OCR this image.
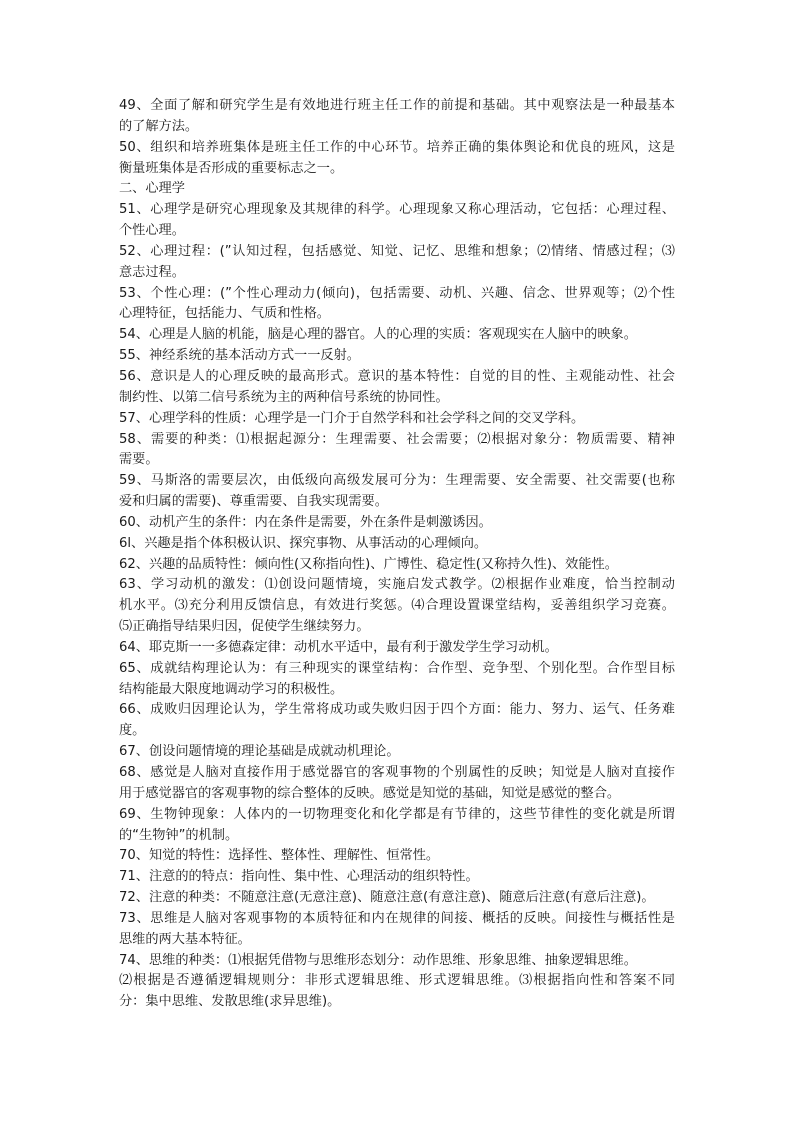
49、全面了解和研究学生是有效地进行班主任工作的前提和基础。其中观察法是一种最基本
的了解方法。
50、组织和培养班集体是班主任工作的中心环节。培养正确的集体舆论和优良的班风，这是
衡量班集体是否形成的重要标志之一。
二、心理学
51、心理学是研究心理现象及其规律的科学。心理现象又称心理活动，它包括：心理过程、
个性心理。
52、心理过程：(”认知过程，包括感觉、知觉、记忆、思维和想象；⑵情绪、情感过程；⑶
意志过程。
53、个性心理：(”个性心理动力(倾向)，包括需要、动机、兴趣、信念、世界观等；⑵个性
心理特征，包括能力、气质和性格。
54、心理是人脑的机能，脑是心理的器官。人的心理的实质：客观现实在人脑中的映象。
55、神经系统的基本活动方式一一反射。
56、意识是人的心理反映的最高形式。意识的基本特性：自觉的目的性、主观能动性、社会
制约性、以第二信号系统为主的两种信号系统的协同性。
57、心理学科的性质：心理学是一门介于自然学科和社会学科之间的交叉学科。
58、需要的种类：⑴根据起源分：生理需要、社会需要；⑵根据对象分：物质需要、精神
需要。
59、马斯洛的需要层次，由低级向高级发展可分为：生理需要、安全需要、社交需要(也称
爱和归属的需要)、尊重需要、自我实现需要。
60、动机产生的条件：内在条件是需要，外在条件是刺激诱因。
6l、兴趣是指个体积极认识、探究事物、从事活动的心理倾向。
62、兴趣的品质特性：倾向性(又称指向性)、广博性、稳定性(又称持久性)、效能性。
63、学习动机的激发：⑴创设问题情境，实施启发式教学。⑵根据作业难度，恰当控制动
机水平。⑶充分利用反馈信息，有效进行奖惩。⑷合理设置课堂结构，妥善组织学习竞赛。
⑸正确指导结果归因，促使学生继续努力。
64、耶克斯一一多德森定律：动机水平适中，最有利于激发学生学习动机。
65、成就结构理论认为：有三种现实的课堂结构：合作型、竞争型、个别化型。合作型目标
结构能最大限度地调动学习的积极性。
66、成败归因理论认为，学生常将成功或失败归因于四个方面：能力、努力、运气、任务难
度。
67、创设问题情境的理论基础是成就动机理论。
68、感觉是人脑对直接作用于感觉器官的客观事物的个别属性的反映；知觉是人脑对直接作
用于感觉器官的客观事物的综合整体的反映。感觉是知觉的基础，知觉是感觉的整合。
69、生物钟现象：人体内的一切物理变化和化学都是有节律的，这些节律性的变化就是所谓
的“生物钟”的机制。
70、知觉的特性：选择性、整体性、理解性、恒常性。
71、注意的的特点：指向性、集中性、心理活动的组织特性。
72、注意的种类：不随意注意(无意注意)、随意注意(有意注意)、随意后注意(有意后注意)。
73、思维是人脑对客观事物的本质特征和内在规律的间接、概括的反映。间接性与概括性是
思维的两大基本特征。
74、思维的种类：⑴根据凭借物与思维形态划分：动作思维、形象思维、抽象逻辑思维。
⑵根据是否遵循逻辑规则分：非形式逻辑思维、形式逻辑思维。⑶根据指向性和答案不同
分：集中思维、发散思维(求异思维)。
